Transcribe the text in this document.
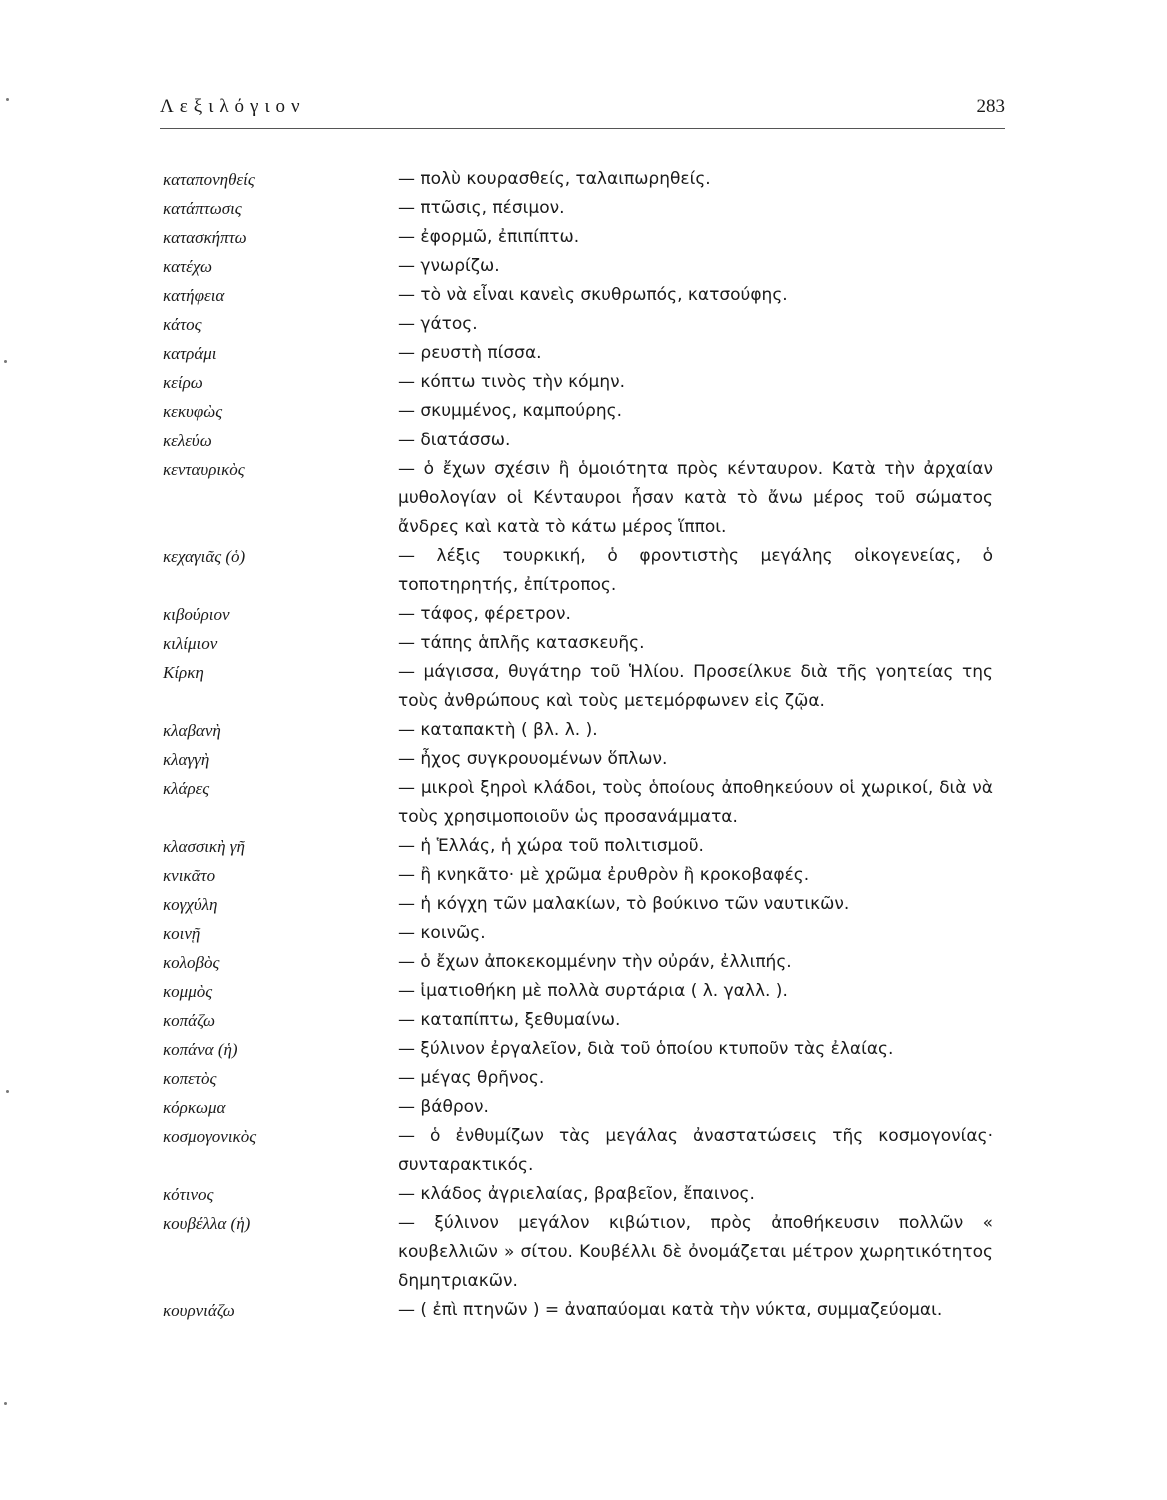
Λεξιλόγιον	283
καταπονηθείς	— πολὺ κουρασθείς, ταλαιπωρηθείς.
κατάπτωσις	— πτῶσις, πέσιμον.
κατασκήπτω	— ἐφορμῶ, ἐπιπίπτω.
κατέχω	— γνωρίζω.
κατήφεια	— τὸ νὰ εἶναι κανεὶς σκυθρωπός, κατσούφης.
κάτος	— γάτος.
κατράμι	— ρευστὴ πίσσα.
κείρω	— κόπτω τινὸς τὴν κόμην.
κεκυφὼς	— σκυμμένος, καμπούρης.
κελεύω	— διατάσσω.
κενταυρικὸς	— ὁ ἔχων σχέσιν ἢ ὁμοιότητα πρὸς κένταυρον. Κατὰ τὴν ἀρχαίαν μυθολογίαν οἱ Κένταυροι ἦσαν κατὰ τὸ ἄνω μέρος τοῦ σώματος ἄνδρες καὶ κατὰ τὸ κάτω μέρος ἵπποι.
κεχαγιᾶς (ὁ)	— λέξις τουρκική, ὁ φροντιστὴς μεγάλης οἰκογενείας, ὁ τοποτηρητής, ἐπίτροπος.
κιβούριον	— τάφος, φέρετρον.
κιλίμιον	— τάπης ἁπλῆς κατασκευῆς.
Κίρκη	— μάγισσα, θυγάτηρ τοῦ Ἡλίου. Προσείλκυε διὰ τῆς γοητείας της τοὺς ἀνθρώπους καὶ τοὺς μετεμόρφωνεν εἰς ζῷα.
κλαβανὴ	— καταπακτὴ ( βλ. λ. ).
κλαγγὴ	— ἦχος συγκρουομένων ὅπλων.
κλάρες	— μικροὶ ξηροὶ κλάδοι, τοὺς ὁποίους ἀποθηκεύουν οἱ χωρικοί, διὰ νὰ τοὺς χρησιμοποιοῦν ὡς προσανάμματα.
κλασσικὴ γῆ	— ἡ Ἑλλάς, ἡ χώρα τοῦ πολιτισμοῦ.
κνικᾶτο	— ἢ κνηκᾶτο· μὲ χρῶμα ἐρυθρὸν ἢ κροκοβαφές.
κογχύλη	— ἡ κόγχη τῶν μαλακίων, τὸ βούκινο τῶν ναυτικῶν.
κοινῇ	— κοινῶς.
κολοβὸς	— ὁ ἔχων ἀποκεκομμένην τὴν οὐράν, ἐλλιπής.
κομμὸς	— ἱματιοθήκη μὲ πολλὰ συρτάρια ( λ. γαλλ. ).
κοπάζω	— καταπίπτω, ξεθυμαίνω.
κοπάνα (ἡ)	— ξύλινον ἐργαλεῖον, διὰ τοῦ ὁποίου κτυποῦν τὰς ἐλαίας.
κοπετὸς	— μέγας θρῆνος.
κόρκωμα	— βάθρον.
κοσμογονικὸς	— ὁ ἐνθυμίζων τὰς μεγάλας ἀναστατώσεις τῆς κοσμογονίας· συνταρακτικός.
κότινος	— κλάδος ἀγριελαίας, βραβεῖον, ἔπαινος.
κουβέλλα (ἡ)	— ξύλινον μεγάλον κιβώτιον, πρὸς ἀποθήκευσιν πολλῶν « κουβελλιῶν » σίτου. Κουβέλλι δὲ ὀνομάζεται μέτρον χωρητικότητος δημητριακῶν.
κουρνιάζω	— ( ἐπὶ πτηνῶν ) = ἀναπαύομαι κατὰ τὴν νύκτα, συμμαζεύομαι.
